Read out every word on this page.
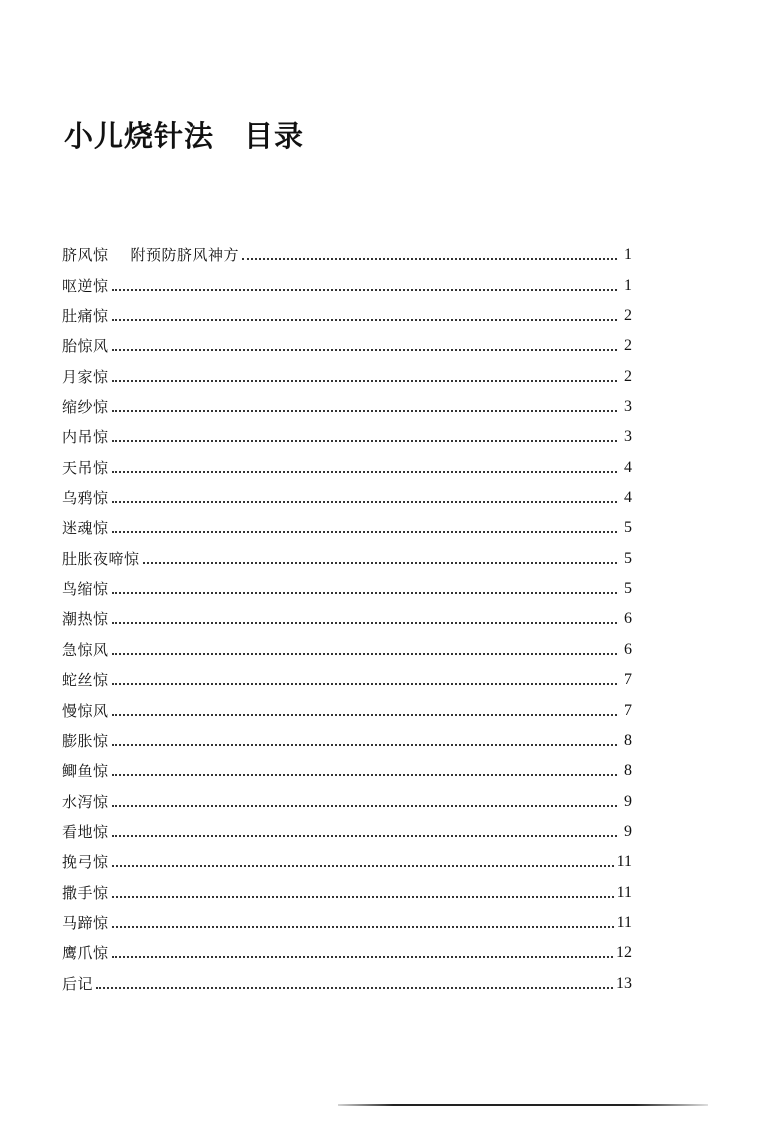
小儿烧针法 目录
脐风惊 附预防脐风神方	1
呕逆惊	1
肚痛惊	2
胎惊风	2
月家惊	2
缩纱惊	3
内吊惊	3
天吊惊	4
乌鸦惊	4
迷魂惊	5
肚胀夜啼惊	5
鸟缩惊	5
潮热惊	6
急惊风	6
蛇丝惊	7
慢惊风	7
膨胀惊	8
鲫鱼惊	8
水泻惊	9
看地惊	9
挽弓惊	11
撒手惊	11
马蹄惊	11
鹰爪惊	12
后记	13
